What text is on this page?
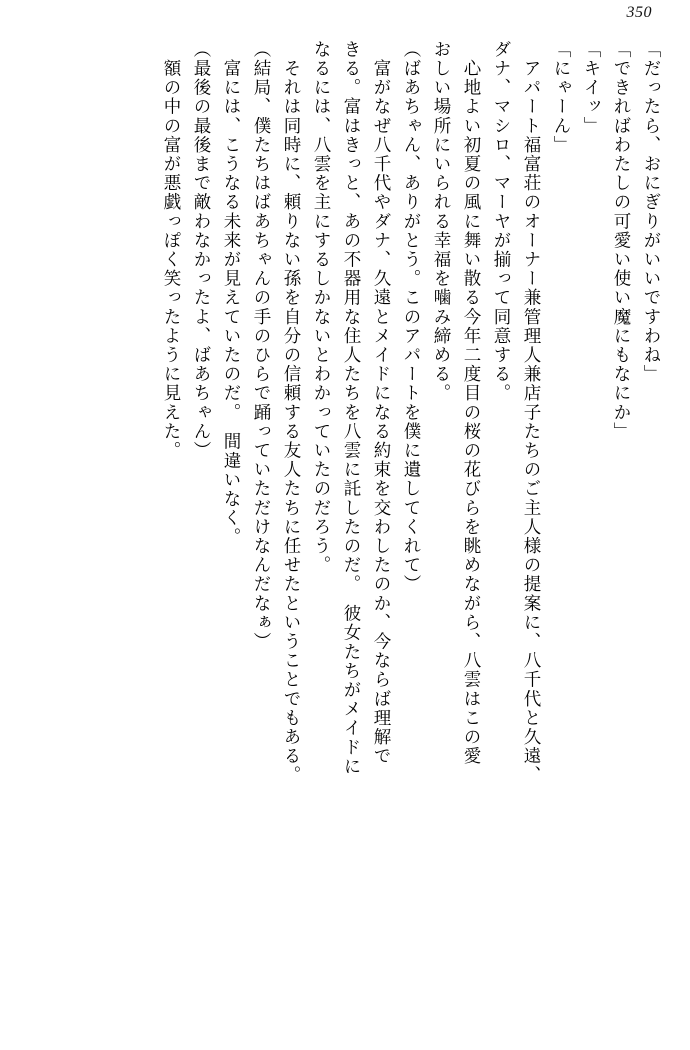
350
「だったら、おにぎりがいいですわね」
「できればわたしの可愛い使い魔にもなにか」
「キイッ」
「にゃーん」
　アパート福富荘のオーナー兼管理人兼店子たちのご主人様の提案に、八千代と久遠、
ダナ、マシロ、マーヤが揃って同意する。
　心地よい初夏の風に舞い散る今年二度目の桜の花びらを眺めながら、八雲はこの愛
おしい場所にいられる幸福を噛み締める。
（ばあちゃん、ありがとう。このアパートを僕に遺してくれて）
　富がなぜ八千代やダナ、久遠とメイドになる約束を交わしたのか、今ならば理解で
きる。富はきっと、あの不器用な住人たちを八雲に託したのだ。　彼女たちがメイドに
なるには、八雲を主にするしかないとわかっていたのだろう。
　それは同時に、頼りない孫を自分の信頼する友人たちに任せたということでもある。
（結局、僕たちはばあちゃんの手のひらで踊っていただけなんだなぁ）
　富には、こうなる未来が見えていたのだ。　間違いなく。
（最後の最後まで敵わなかったよ、ばあちゃん）
　額の中の富が悪戯っぽく笑ったように見えた。
